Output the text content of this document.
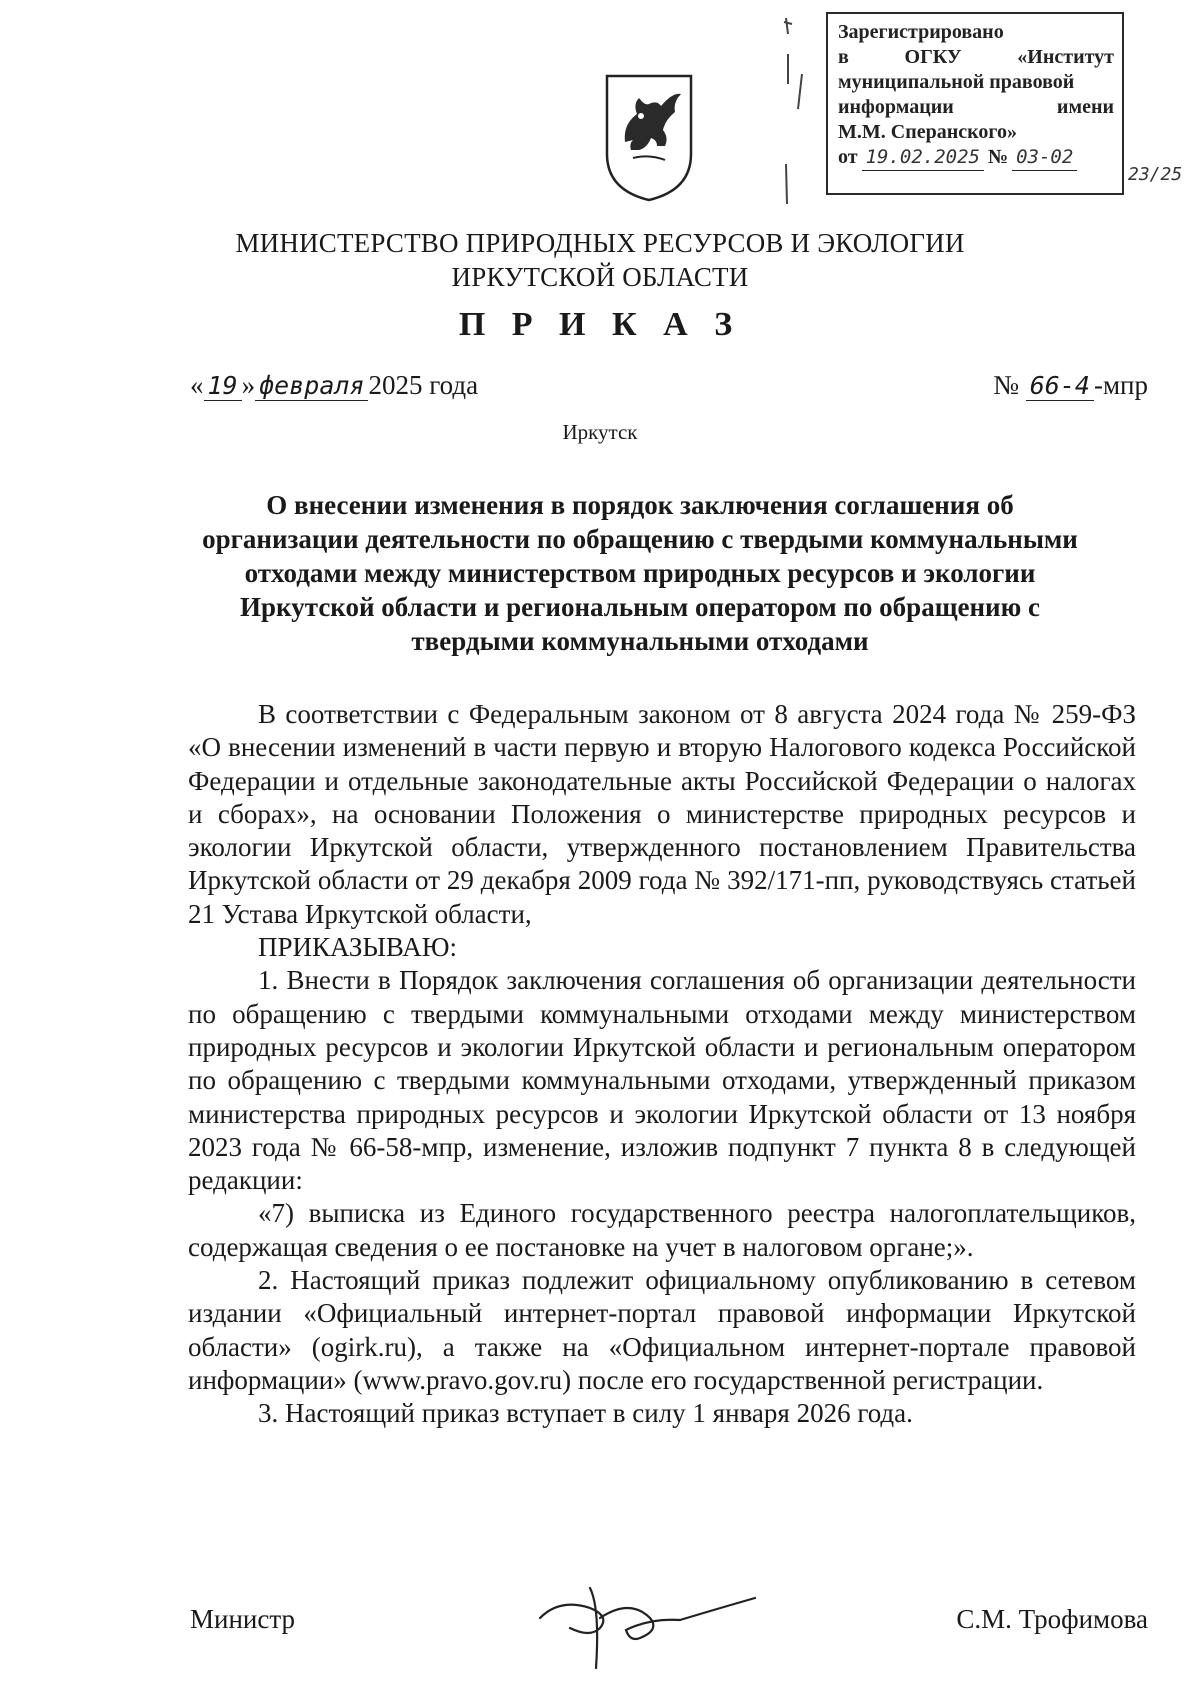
Зарегистрировано
в	ОГКУ	«Институт
муниципальной правовой
информации	имени
М.М. Сперанского»
от 19.02.2025 № 03-02
23/25
МИНИСТЕРСТВО ПРИРОДНЫХ РЕСУРСОВ И ЭКОЛОГИИ
ИРКУТСКОЙ ОБЛАСТИ
П Р И К А З
« 19 » февраля 2025 года	№ 66-4 -мпр
Иркутск
О внесении изменения в порядок заключения соглашения об
организации деятельности по обращению с твердыми коммунальными
отходами между министерством природных ресурсов и экологии
Иркутской области и региональным оператором по обращению с
твердыми коммунальными отходами

В соответствии с Федеральным законом от 8 августа 2024 года № 259-ФЗ «О внесении изменений в части первую и вторую Налогового кодекса Российской Федерации и отдельные законодательные акты Российской Федерации о налогах и сборах», на основании Положения о министерстве природных ресурсов и экологии Иркутской области, утвержденного постановлением Правительства Иркутской области от 29 декабря 2009 года № 392/171-пп, руководствуясь статьей 21 Устава Иркутской области,

ПРИКАЗЫВАЮ:

1. Внести в Порядок заключения соглашения об организации деятельности по обращению с твердыми коммунальными отходами между министерством природных ресурсов и экологии Иркутской области и региональным оператором по обращению с твердыми коммунальными отходами, утвержденный приказом министерства природных ресурсов и экологии Иркутской области от 13 ноября 2023 года № 66-58-мпр, изменение, изложив подпункт 7 пункта 8 в следующей редакции:

«7) выписка из Единого государственного реестра налогоплательщиков, содержащая сведения о ее постановке на учет в налоговом органе;».

2. Настоящий приказ подлежит официальному опубликованию в сетевом издании «Официальный интернет-портал правовой информации Иркутской области» (ogirk.ru), а также на «Официальном интернет-портале правовой информации» (www.pravo.gov.ru) после его государственной регистрации.

3. Настоящий приказ вступает в силу 1 января 2026 года.

Министр	С.М. Трофимова
